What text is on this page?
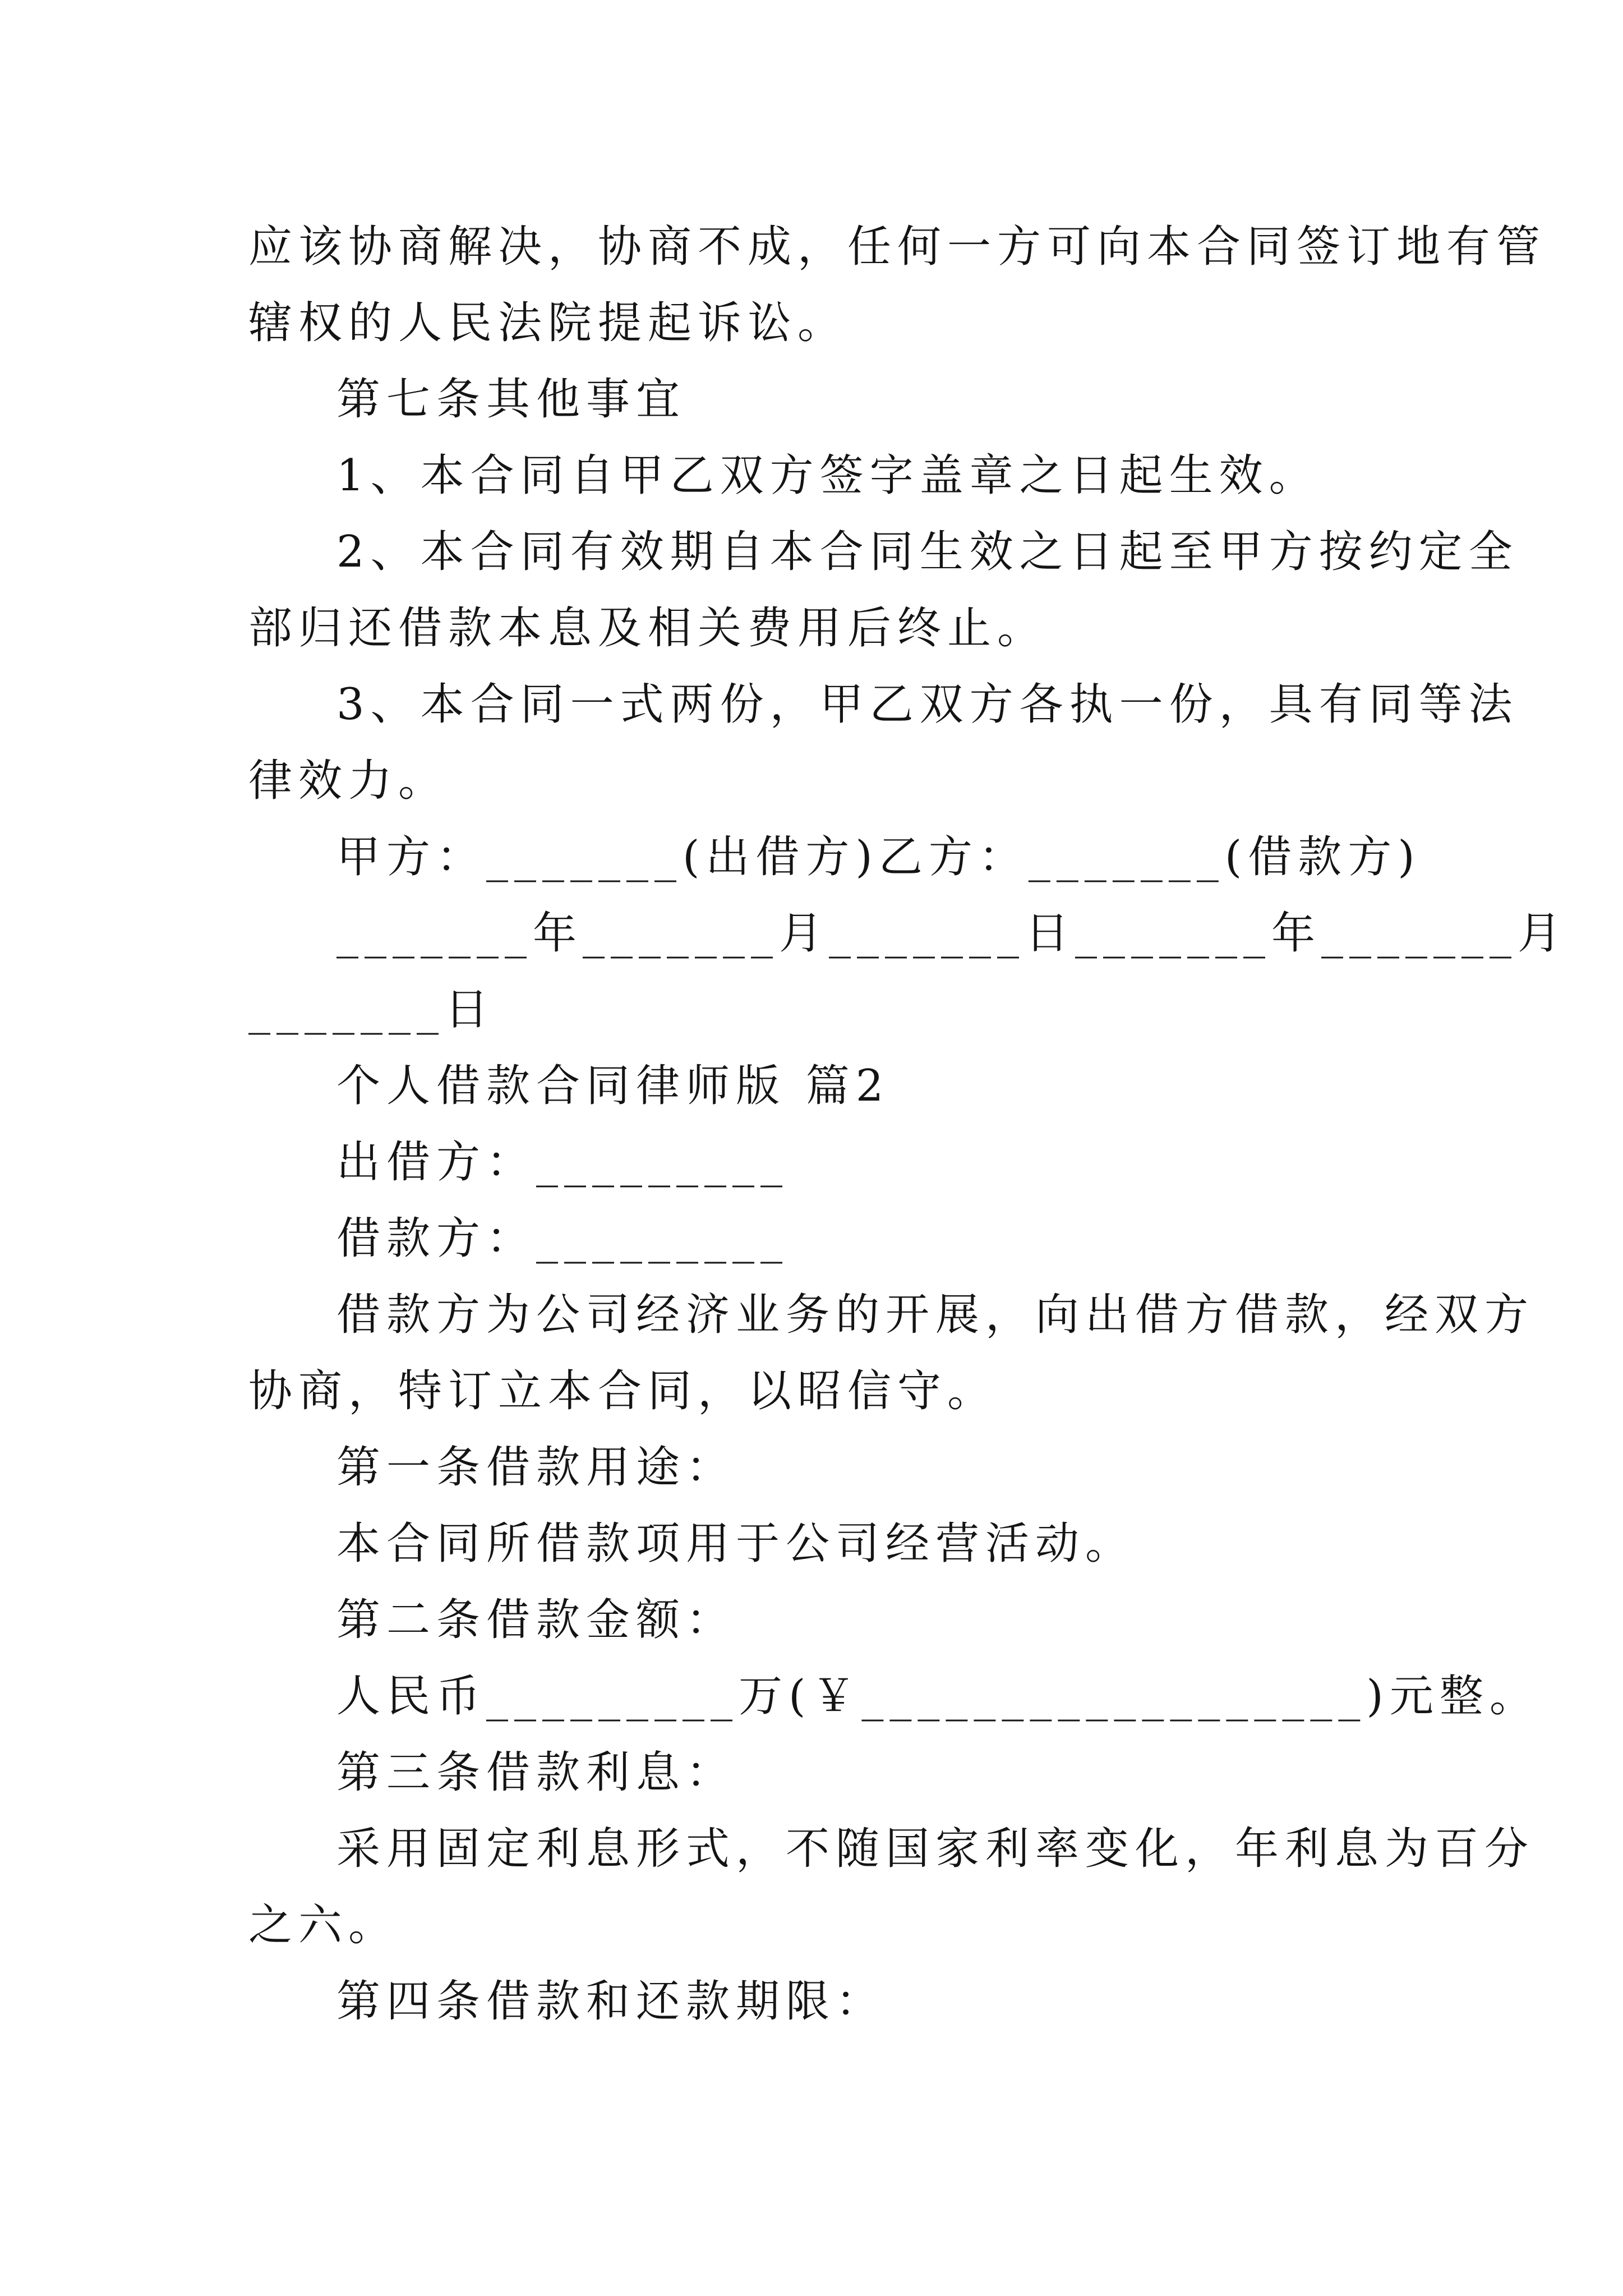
应该协商解决，协商不成，任何一方可向本合同签订地有管
辖权的人民法院提起诉讼。
第七条其他事宜
1、本合同自甲乙双方签字盖章之日起生效。
2、本合同有效期自本合同生效之日起至甲方按约定全
部归还借款本息及相关费用后终止。
3、本合同一式两份，甲乙双方各执一份，具有同等法
律效力。
甲方：_______(出借方)乙方：_______(借款方)
_______年_______月_______日_______年_______月
_______日
个人借款合同律师版 篇2
出借方：_________
借款方：_________
借款方为公司经济业务的开展，向出借方借款，经双方
协商，特订立本合同，以昭信守。
第一条借款用途：
本合同所借款项用于公司经营活动。
第二条借款金额：
人民币_________万(￥__________________)元整。
第三条借款利息：
采用固定利息形式，不随国家利率变化，年利息为百分
之六。
第四条借款和还款期限：
